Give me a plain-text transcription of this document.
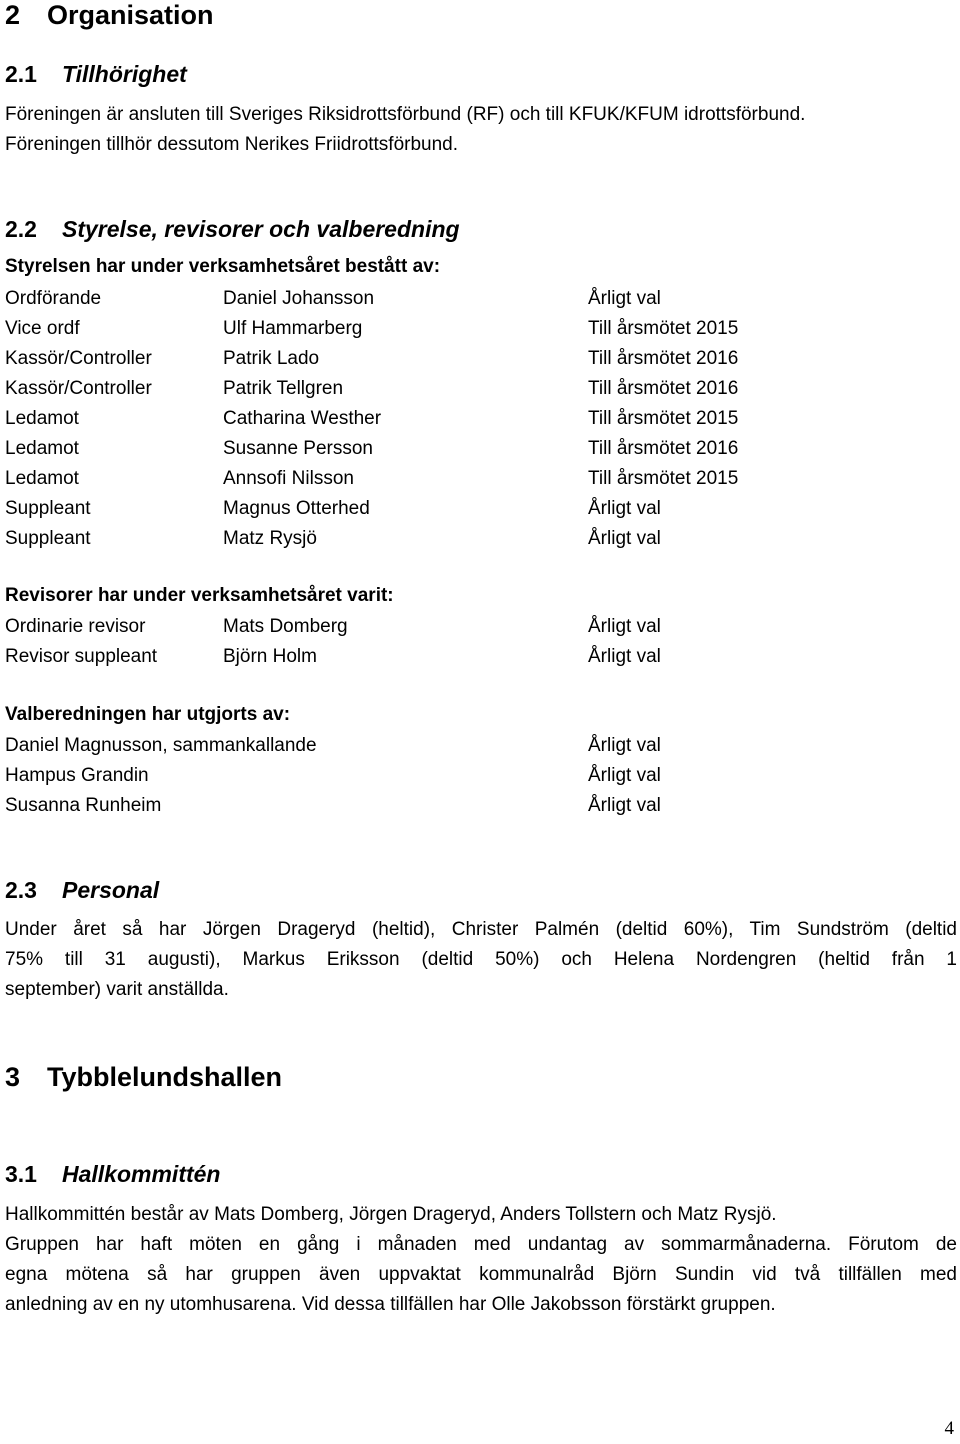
2 Organisation
2.1 Tillhörighet
Föreningen är ansluten till Sveriges Riksidrottsförbund (RF) och till KFUK/KFUM idrottsförbund.
Föreningen tillhör dessutom Nerikes Friidrottsförbund.
2.2 Styrelse, revisorer och valberedning
Styrelsen har under verksamhetsåret bestått av:
Ordförande	Daniel Johansson	Årligt val
Vice ordf	Ulf Hammarberg	Till årsmötet 2015
Kassör/Controller	Patrik Lado	Till årsmötet 2016
Kassör/Controller	Patrik Tellgren	Till årsmötet 2016
Ledamot	Catharina Westher	Till årsmötet 2015
Ledamot	Susanne Persson	Till årsmötet 2016
Ledamot	Annsofi Nilsson	Till årsmötet 2015
Suppleant	Magnus Otterhed	Årligt val
Suppleant	Matz Rysjö	Årligt val
Revisorer har under verksamhetsåret varit:
Ordinarie revisor	Mats Domberg	Årligt val
Revisor suppleant	Björn Holm	Årligt val
Valberedningen har utgjorts av:
Daniel Magnusson, sammankallande	Årligt val
Hampus Grandin	Årligt val
Susanna Runheim	Årligt val
2.3 Personal
Under året så har Jörgen Drageryd (heltid), Christer Palmén (deltid 60%), Tim Sundström (deltid
75% till 31 augusti), Markus Eriksson (deltid 50%) och Helena Nordengren (heltid från 1
september) varit anställda.
3 Tybblelundshallen
3.1 Hallkommittén
Hallkommittén består av Mats Domberg, Jörgen Drageryd, Anders Tollstern och Matz Rysjö.
Gruppen har haft möten en gång i månaden med undantag av sommarmånaderna. Förutom de
egna mötena så har gruppen även uppvaktat kommunalråd Björn Sundin vid två tillfällen med
anledning av en ny utomhusarena. Vid dessa tillfällen har Olle Jakobsson förstärkt gruppen.
4
